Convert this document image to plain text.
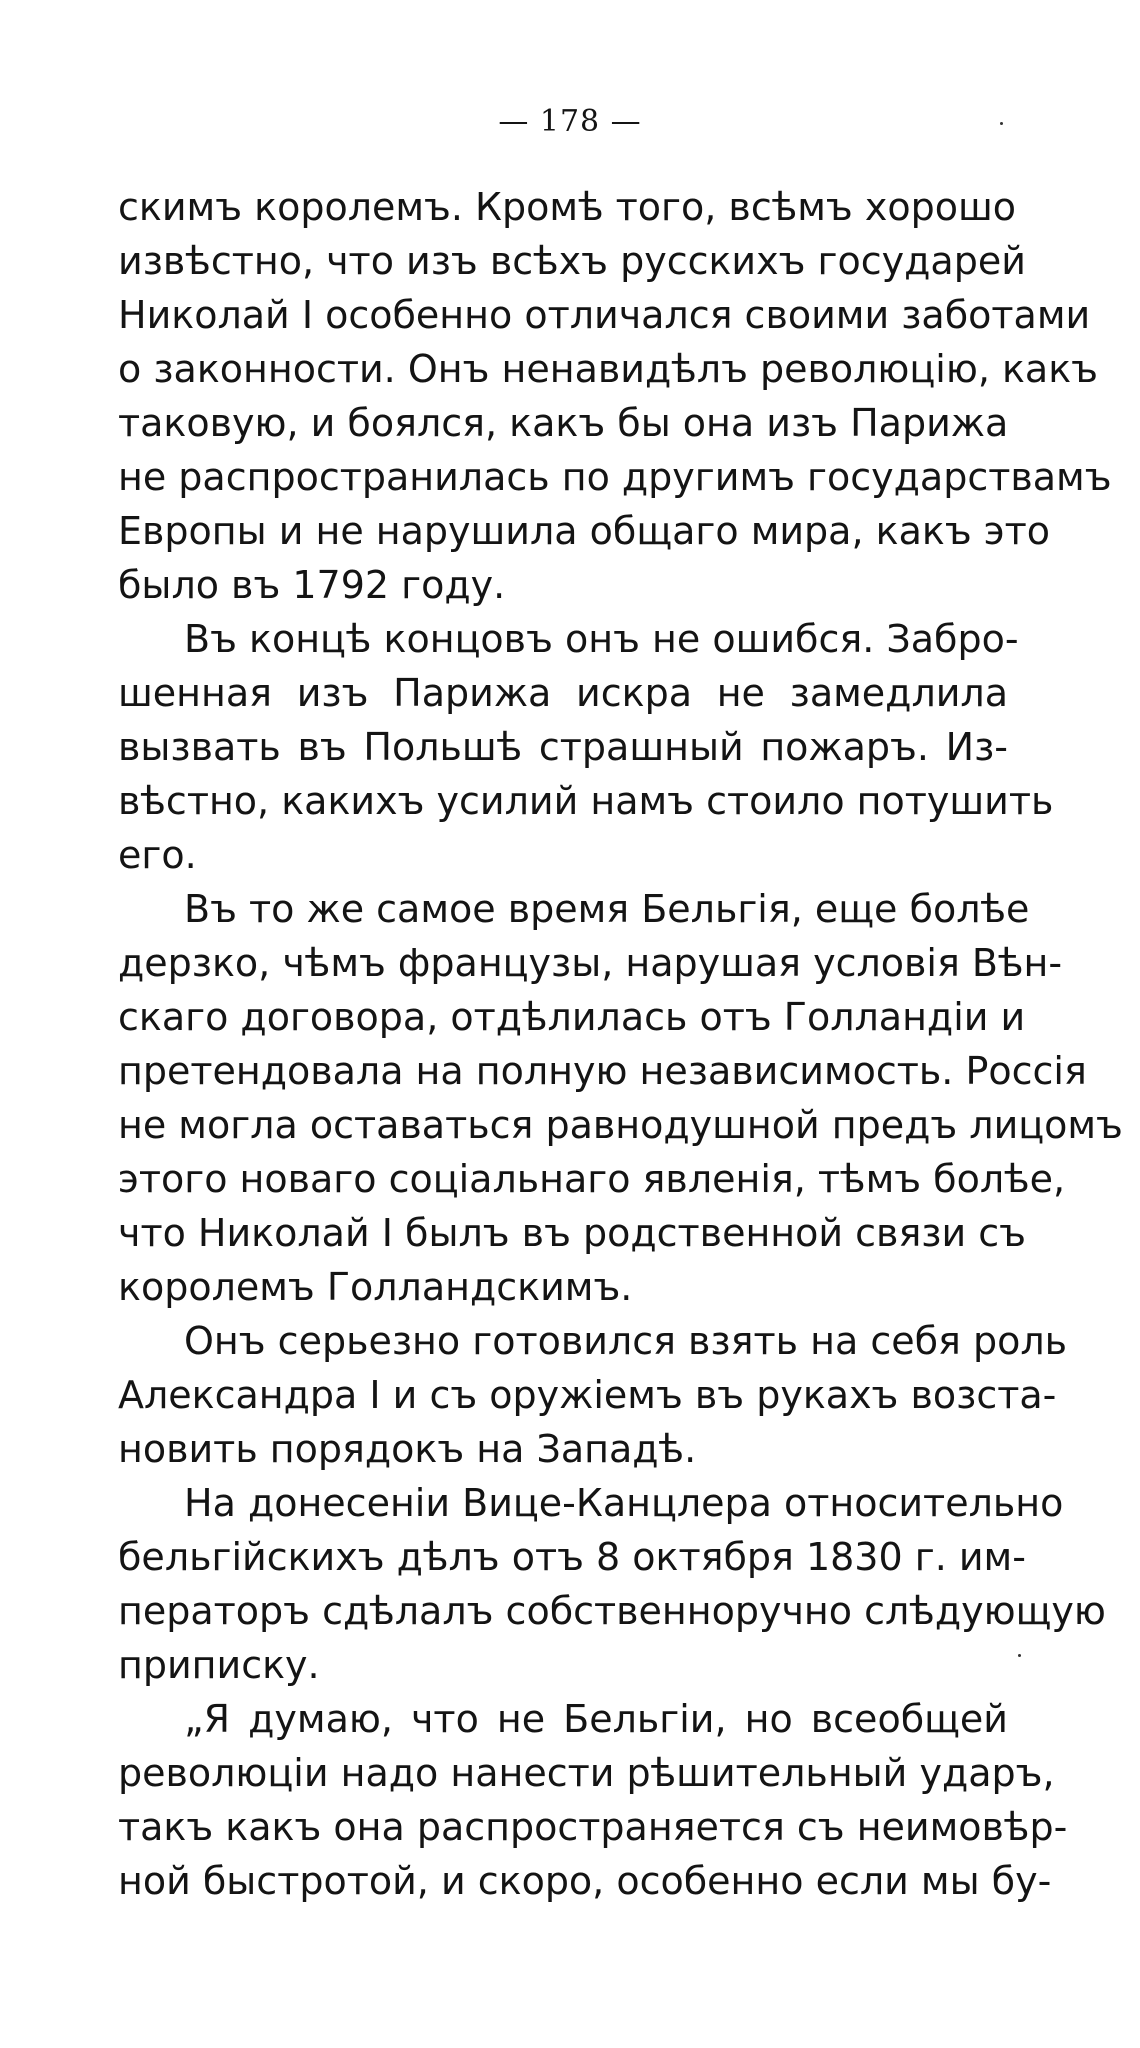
— 178 —
скимъ королемъ. Кромѣ того, всѣмъ хорошо
извѣстно, что изъ всѣхъ русскихъ государей
Николай I особенно отличался своими заботами
о законности. Онъ ненавидѣлъ революцію, какъ
таковую, и боялся, какъ бы она изъ Парижа
не распространилась по другимъ государствамъ
Европы и не нарушила общаго мира, какъ это
было въ 1792 году.
Въ концѣ концовъ онъ не ошибся. Забро-
шенная изъ Парижа искра не замедлила
вызвать въ Польшѣ страшный пожаръ. Из-
вѣстно, какихъ усилий намъ стоило потушить
его.
Въ то же самое время Бельгія, еще болѣе
дерзко, чѣмъ французы, нарушая условія Вѣн-
скаго договора, отдѣлилась отъ Голландіи и
претендовала на полную независимость. Россія
не могла оставаться равнодушной предъ лицомъ
этого новаго соціальнаго явленія, тѣмъ болѣе,
что Николай I былъ въ родственной связи съ
королемъ Голландскимъ.
Онъ серьезно готовился взять на себя роль
Александра I и съ оружіемъ въ рукахъ возста-
новить порядокъ на Западѣ.
На донесеніи Вице-Канцлера относительно
бельгійскихъ дѣлъ отъ 8 октября 1830 г. им-
ператоръ сдѣлалъ собственноручно слѣдующую
приписку.
„Я думаю, что не Бельгіи, но всеобщей
революціи надо нанести рѣшительный ударъ,
такъ какъ она распространяется съ неимовѣр-
ной быстротой, и скоро, особенно если мы бу-
